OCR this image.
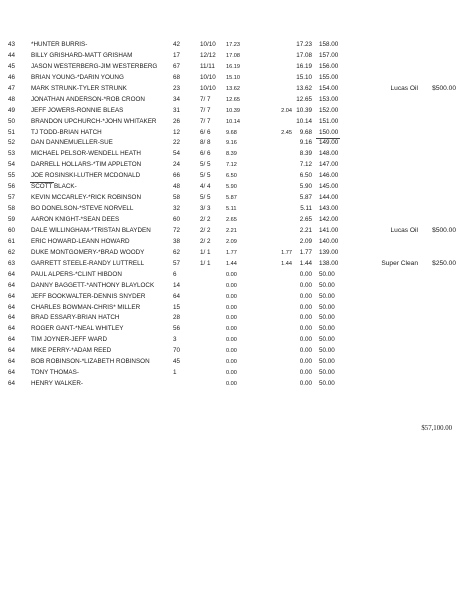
43	*HUNTER BURRIS-	42	10/10	17.23	17.23 158.00
44	BILLY GRISHARD-MATT GRISHAM	17	12/12	17.08	17.08 157.00
45	JASON WESTERBERG-JIM WESTERBERG	67	11/11	16.19	16.19 156.00
46	BRIAN YOUNG-*DARIN YOUNG	68	10/10	15.10	15.10 155.00
47	MARK STRUNK-TYLER STRUNK	23	10/10	13.62	13.62 154.00	Lucas Oil	$500.00
48	JONATHAN ANDERSON-*ROB CROON	34	7/ 7	12.65	12.65 153.00
49	JEFF JOWERS-RONNIE BLEAS	31	7/ 7	10.39	2.04 10.39 152.00
50	BRANDON UPCHURCH-*JOHN WHITAKER	26	7/ 7	10.14	10.14 151.00
51	TJ TODD-BRIAN HATCH	12	6/ 6	9.68	2.45	9.68 150.00
52	DAN DANNEMUELLER-SUE	22	8/ 8	9.16	9.16 149.00
53	MICHAEL PELSOR-WENDELL HEATH	54	6/ 6	8.39	8.39 148.00
54	DARRELL HOLLARS-*TIM APPLETON	24	5/ 5	7.12	7.12 147.00
55	JOE ROSINSKI-LUTHER MCDONALD	66	5/ 5	6.50	6.50 146.00
56	SCOTT BLACK-	48	4/ 4	5.90	5.90 145.00
57	KEVIN MCCARLEY-*RICK ROBINSON	58	5/ 5	5.87	5.87 144.00
58	BO DONELSON-*STEVE NORVELL	32	3/ 3	5.11	5.11 143.00
59	AARON KNIGHT-*SEAN DEES	60	2/ 2	2.65	2.65 142.00
60	DALE WILLINGHAM-*TRISTAN BLAYDEN	72	2/ 2	2.21	2.21 141.00	Lucas Oil	$500.00
61	ERIC HOWARD-LEANN HOWARD	38	2/ 2	2.09	2.09 140.00
62	DUKE MONTGOMERY-*BRAD WOODY	62	1/ 1	1.77	1.77	1.77 139.00
63	GARRETT STEELE-RANDY LUTTRELL	57	1/ 1	1.44	1.44	1.44 138.00	Super Clean	$250.00
64	PAUL ALPERS-*CLINT HIBDON	6	0.00	0.00 50.00
64	DANNY BAGGETT-*ANTHONY BLAYLOCK	14	0.00	0.00 50.00
64	JEFF BOOKWALTER-DENNIS SNYDER	64	0.00	0.00 50.00
64	CHARLES BOWMAN-CHRIS* MILLER	15	0.00	0.00 50.00
64	BRAD ESSARY-BRIAN HATCH	28	0.00	0.00 50.00
64	ROGER GANT-*NEAL WHITLEY	56	0.00	0.00 50.00
64	TIM JOYNER-JEFF WARD	3	0.00	0.00 50.00
64	MIKE PERRY-*ADAM REED	70	0.00	0.00 50.00
64	BOB ROBINSON-*LIZABETH ROBINSON	45	0.00	0.00 50.00
64	TONY THOMAS-	1	0.00	0.00 50.00
64	HENRY WALKER-	0.00	0.00 50.00
$57,100.00
